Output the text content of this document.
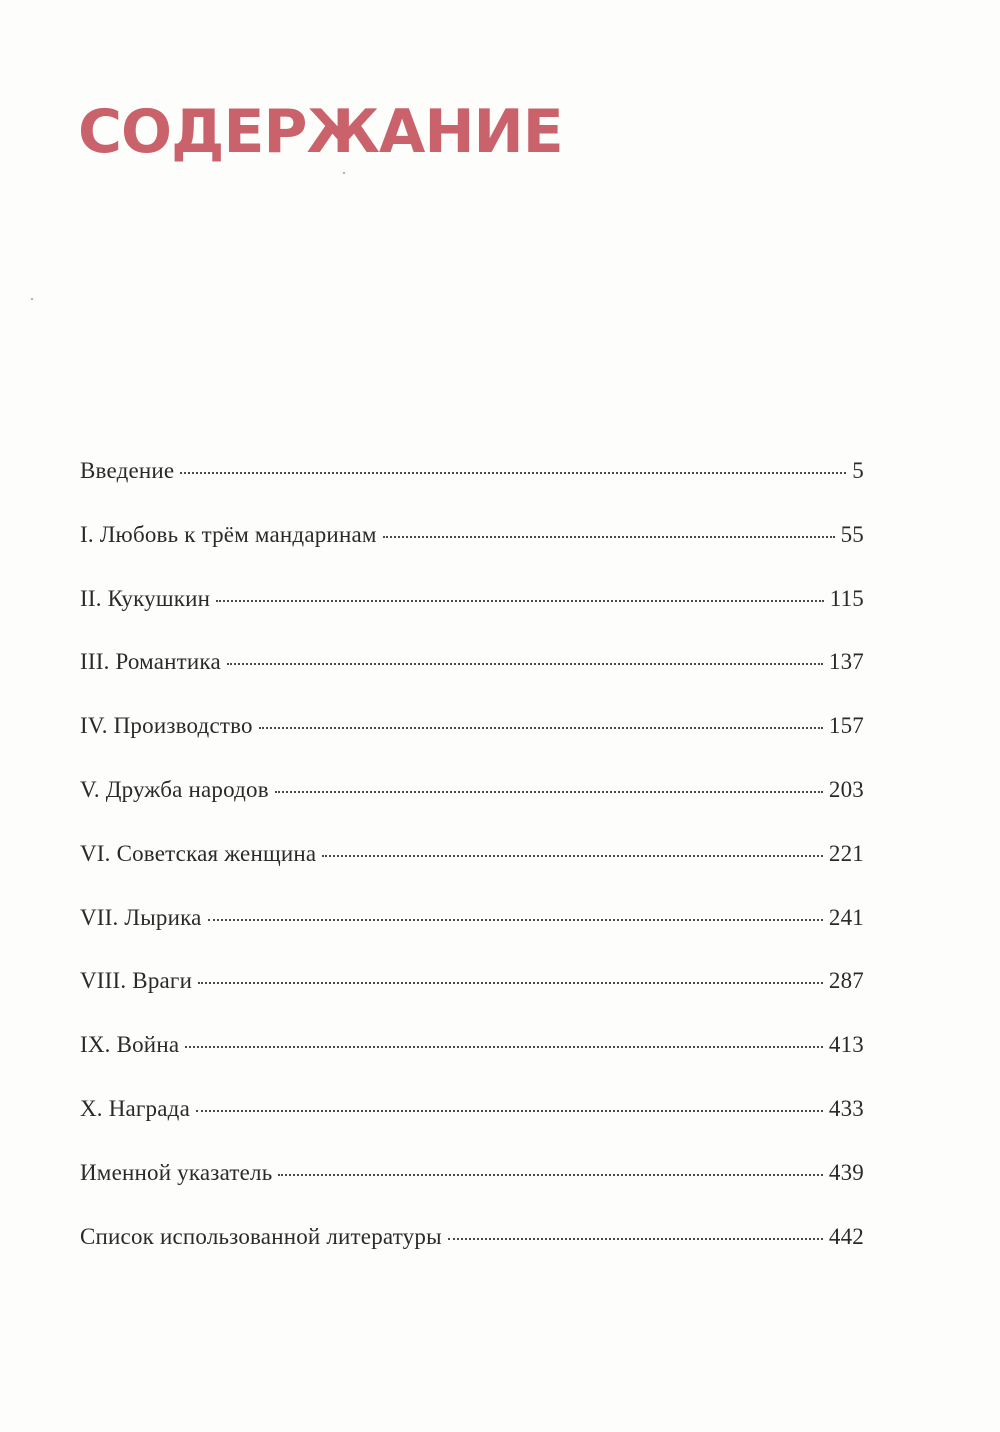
СОДЕРЖАНИЕ
Введение	5
I. Любовь к трём мандаринам	55
II. Кукушкин	115
III. Романтика	137
IV. Производство	157
V. Дружба народов	203
VI. Советская женщина	221
VII. Лырика	241
VIII. Враги	287
IX. Война	413
X. Награда	433
Именной указатель	439
Список использованной литературы	442
